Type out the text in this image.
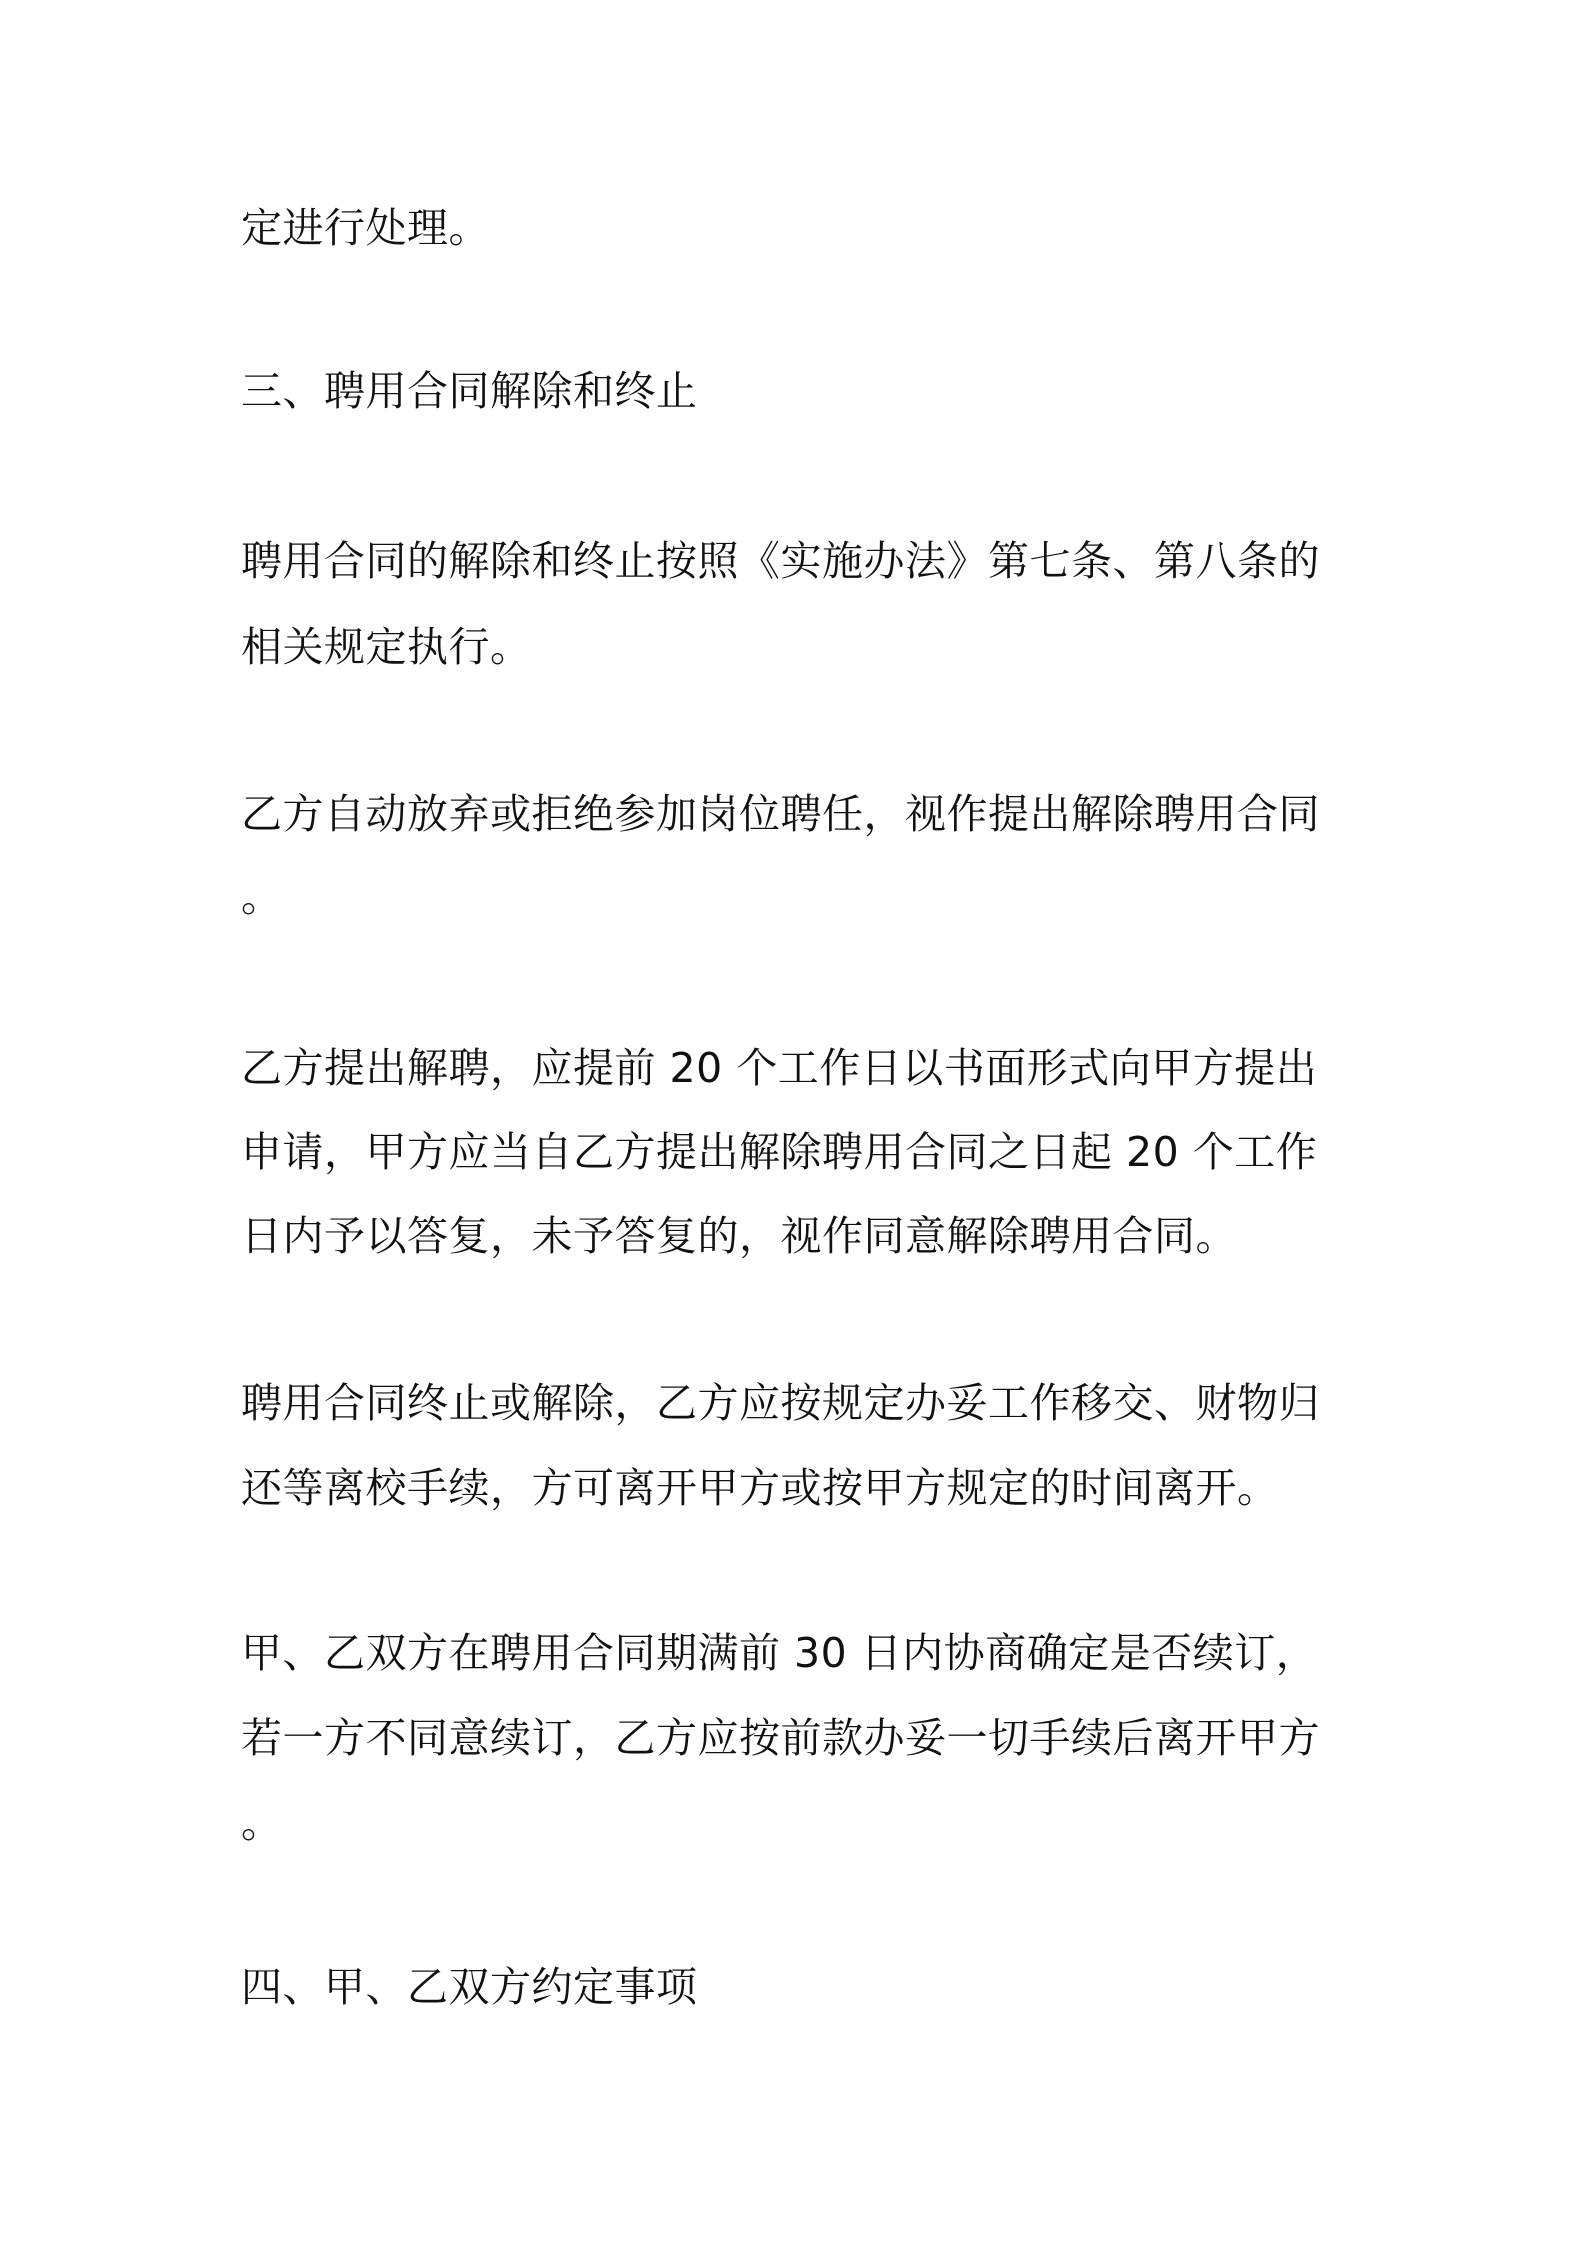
定进行处理。
三、聘用合同解除和终止
聘用合同的解除和终止按照《实施办法》第七条、第八条的
相关规定执行。
乙方自动放弃或拒绝参加岗位聘任，视作提出解除聘用合同
。
乙方提出解聘，应提前 20 个工作日以书面形式向甲方提出
申请，甲方应当自乙方提出解除聘用合同之日起 20 个工作
日内予以答复，未予答复的，视作同意解除聘用合同。
聘用合同终止或解除，乙方应按规定办妥工作移交、财物归
还等离校手续，方可离开甲方或按甲方规定的时间离开。
甲、乙双方在聘用合同期满前 30 日内协商确定是否续订，
若一方不同意续订，乙方应按前款办妥一切手续后离开甲方
。
四、甲、乙双方约定事项
